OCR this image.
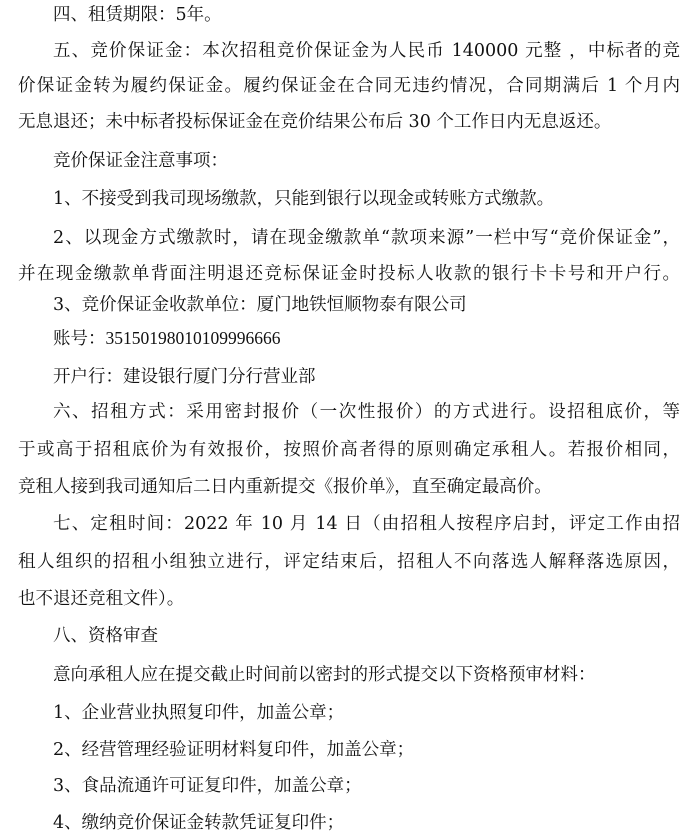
四、租赁期限：5年。
五、竞价保证金：本次招租竞价保证金为人民币 140000 元整 ，中标者的竞
价保证金转为履约保证金。履约保证金在合同无违约情况，合同期满后 1 个月内
无息退还；未中标者投标保证金在竞价结果公布后 30 个工作日内无息返还。
竞价保证金注意事项：
1、不接受到我司现场缴款，只能到银行以现金或转账方式缴款。
2、以现金方式缴款时，请在现金缴款单“款项来源”一栏中写“竞价保证金”，
并在现金缴款单背面注明退还竞标保证金时投标人收款的银行卡卡号和开户行。
3、竞价保证金收款单位：厦门地铁恒顺物泰有限公司
账号：35150198010109996666
开户行：建设银行厦门分行营业部
六、招租方式：采用密封报价（一次性报价）的方式进行。设招租底价，等
于或高于招租底价为有效报价，按照价高者得的原则确定承租人。若报价相同，
竞租人接到我司通知后二日内重新提交《报价单》，直至确定最高价。
七、定租时间：2022 年 10 月 14 日（由招租人按程序启封，评定工作由招
租人组织的招租小组独立进行，评定结束后，招租人不向落选人解释落选原因，
也不退还竞租文件）。
八、资格审查
意向承租人应在提交截止时间前以密封的形式提交以下资格预审材料：
1、企业营业执照复印件，加盖公章；
2、经营管理经验证明材料复印件，加盖公章；
3、食品流通许可证复印件，加盖公章；
4、缴纳竞价保证金转款凭证复印件；
